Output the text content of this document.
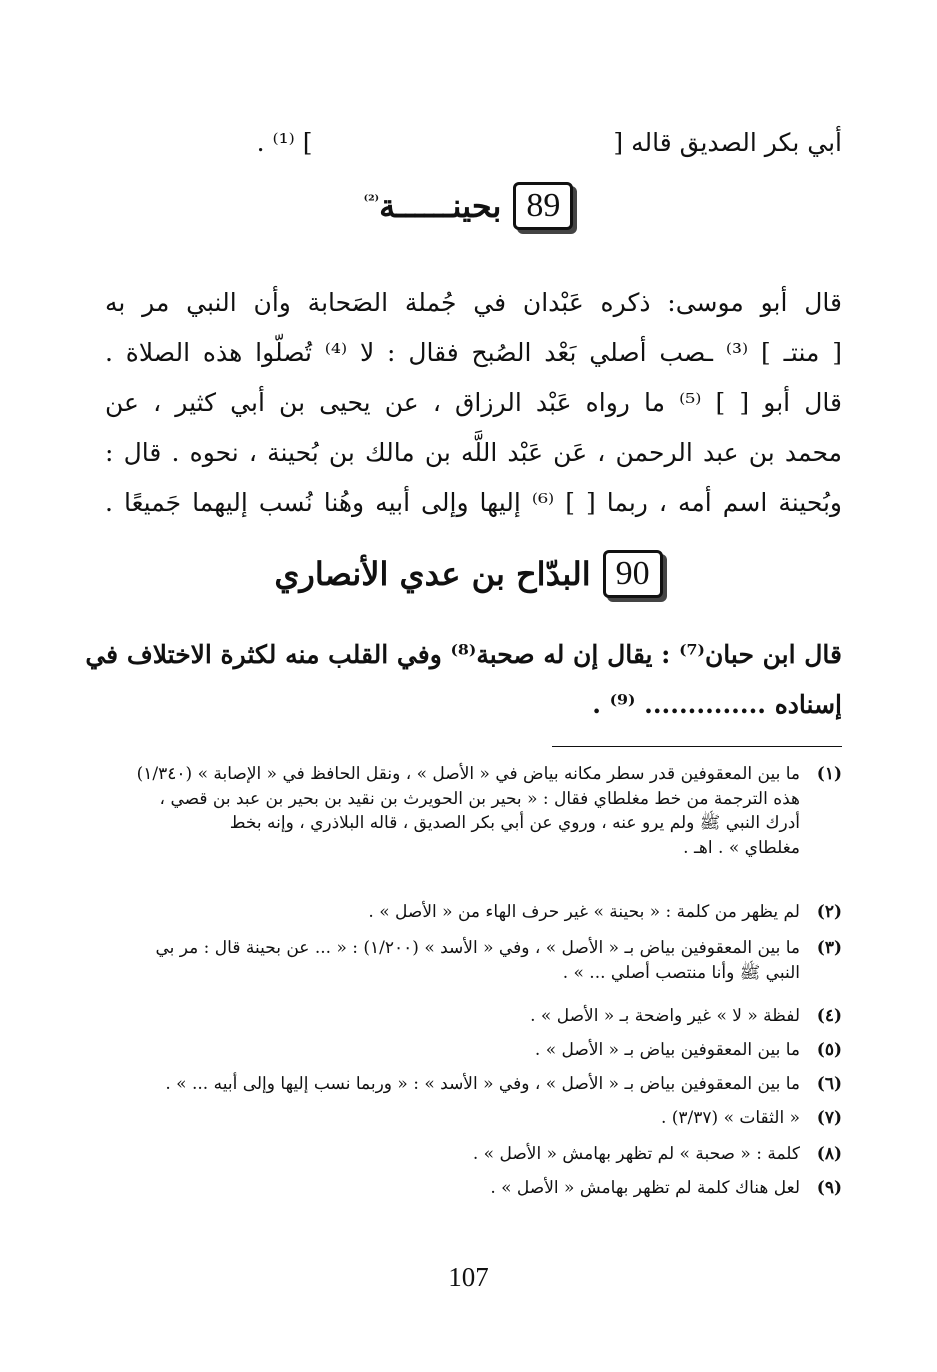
أبي بكر الصديق قاله [  ] ⁽¹⁾ .
89
بحينــــــة$^{^{(2)}}$
قال أبو موسى: ذكره عَبْدان في جُملة الصَحابة وأن النبي مر به
[ منتـ ] ⁽³⁾ ـصب أصلي بَعْد الصُبح فقال : لا ⁽⁴⁾ تُصلّوا هذه الصلاة .
قال أبو [ ] ⁽⁵⁾ ما رواه عَبْد الرزاق ، عن يحيى بن أبي كثير ، عن
محمد بن عبد الرحمن ، عَن عَبْد اللَّه بن مالك بن بُحينة ، نحوه . قال :
وبُحينة اسم أمه ، ربما [ ] ⁽⁶⁾ إليها وإلى أبيه وهُنا نُسب إليهما جَميعًا .
90
البدّاح بن عدي الأنصاري
قال ابن حبان⁽⁷⁾ : يقال إن له صحبة⁽⁸⁾ وفي القلب منه لكثرة الاختلاف في
إسناده .............. ⁽⁹⁾ .
(١)
ما بين المعقوفين قدر سطر مكانه بياض في « الأصل » ، ونقل الحافظ في « الإصابة » (١/٣٤٠)
هذه الترجمة من خط مغلطاي فقال : « بحير بن الحويرث بن نقيد بن بحير بن عبد بن قصي ،
أدرك النبي ﷺ ولم يرو عنه ، وروي عن أبي بكر الصديق ، قاله البلاذري ، وإنه بخط
مغلطاي » . اهـ .
(٢)
لم يظهر من كلمة : « بحينة » غير حرف الهاء من « الأصل » .
(٣)
ما بين المعقوفين بياض بـ « الأصل » ، وفي « الأسد » (١/٢٠٠) : « ... عن بحينة قال : مر بي
النبي ﷺ وأنا منتصب أصلي ... » .
(٤)
لفظة « لا » غير واضحة بـ « الأصل » .
(٥)
ما بين المعقوفين بياض بـ « الأصل » .
(٦)
ما بين المعقوفين بياض بـ « الأصل » ، وفي « الأسد » : « وربما نسب إليها وإلى أبيه ... » .
(٧)
« الثقات » (٣/٣٧) .
(٨)
كلمة : « صحبة » لم تظهر بهامش « الأصل » .
(٩)
لعل هناك كلمة لم تظهر بهامش « الأصل » .
107
